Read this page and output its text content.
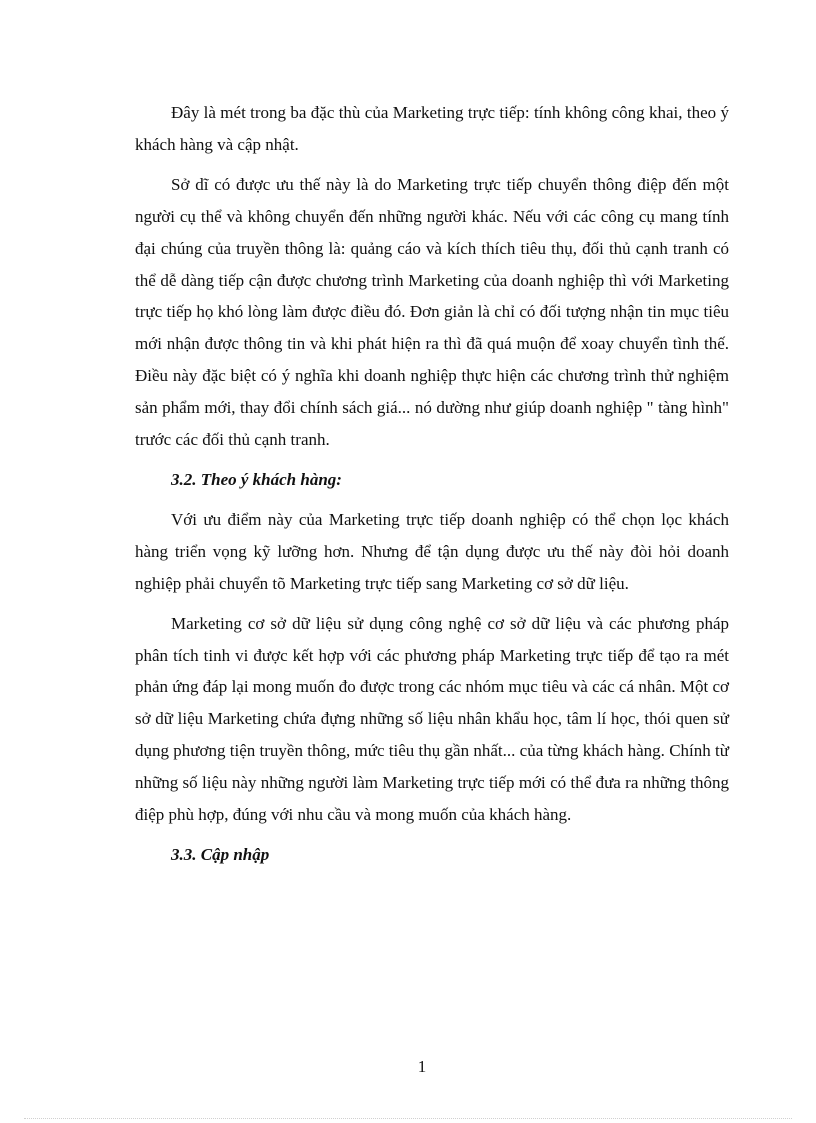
Đây là mét trong ba đặc thù của Marketing trực tiếp: tính không công khai, theo ý khách hàng và cập nhật.

Sở dĩ có được ưu thế này là do Marketing trực tiếp chuyển thông điệp đến một người cụ thể và không chuyển đến những người khác. Nếu với các công cụ mang tính đại chúng của truyền thông là: quảng cáo và kích thích tiêu thụ, đối thủ cạnh tranh có thể dễ dàng tiếp cận được chương trình Marketing của doanh nghiệp thì với Marketing trực tiếp họ khó lòng làm được điều đó. Đơn giản là chỉ có đối tượng nhận tin mục tiêu mới nhận được thông tin và khi phát hiện ra thì đã quá muộn để xoay chuyển tình thế. Điều này đặc biệt có ý nghĩa khi doanh nghiệp thực hiện các chương trình thử nghiệm sản phẩm mới, thay đổi chính sách giá... nó dường như giúp doanh nghiệp " tàng hình" trước các đối thủ cạnh tranh.

3.2. Theo ý khách hàng:

Với ưu điểm này của Marketing trực tiếp doanh nghiệp có thể chọn lọc khách hàng triển vọng kỹ lưỡng hơn. Nhưng để tận dụng được ưu thế này đòi hỏi doanh nghiệp phải chuyển tõ Marketing trực tiếp sang Marketing cơ sở dữ liệu.

Marketing cơ sở dữ liệu sử dụng công nghệ cơ sở dữ liệu và các phương pháp phân tích tinh vi được kết hợp với các phương pháp Marketing trực tiếp để tạo ra mét phản ứng đáp lại mong muốn đo được trong các nhóm mục tiêu và các cá nhân. Một cơ sở dữ liệu Marketing chứa đựng những số liệu nhân khẩu học, tâm lí học, thói quen sử dụng phương tiện truyền thông, mức tiêu thụ gần nhất... của từng khách hàng. Chính từ những số liệu này những người làm Marketing trực tiếp mới có thể đưa ra những thông điệp phù hợp, đúng với nhu cầu và mong muốn của khách hàng.

3.3. Cập nhập

1
